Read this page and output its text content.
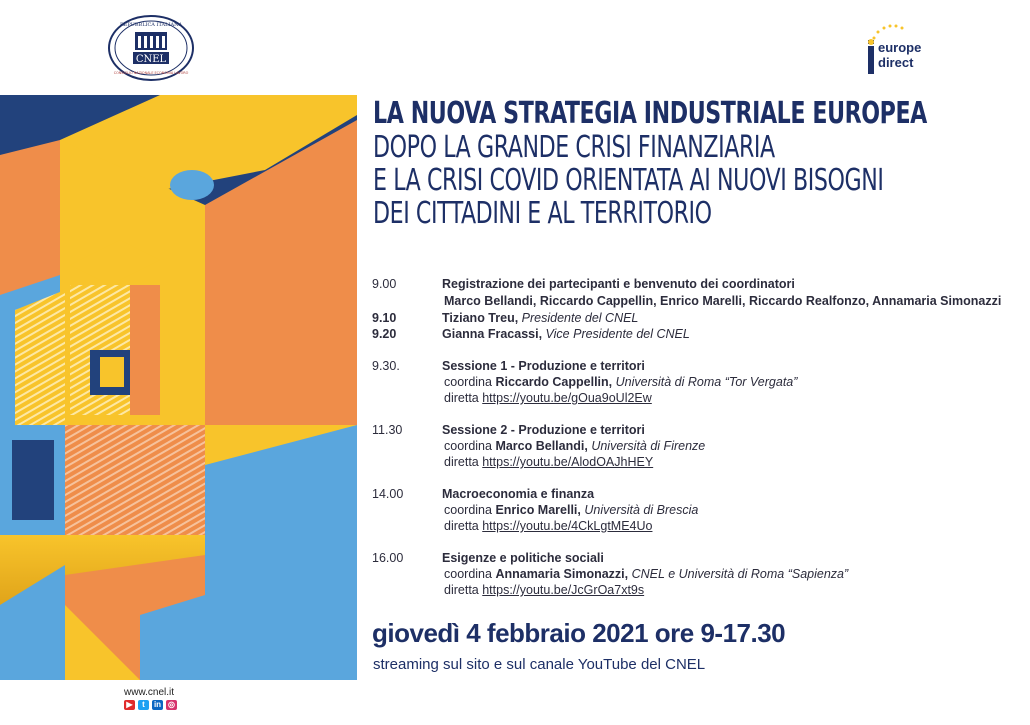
CNEL
REPUBBLICA ITALIANA
CONSIGLIO NAZIONALE ECONOMIA LAVORO
europe
direct
LA NUOVA STRATEGIA INDUSTRIALE EUROPEA
DOPO LA GRANDE CRISI FINANZIARIA
E LA CRISI COVID ORIENTATA AI NUOVI BISOGNI
DEI CITTADINI E AL TERRITORIO
9.00	Registrazione dei partecipanti e benvenuto dei coordinatori
Marco Bellandi, Riccardo Cappellin, Enrico Marelli, Riccardo Realfonzo, Annamaria Simonazzi
9.10	Tiziano Treu, Presidente del CNEL
9.20	Gianna Fracassi, Vice Presidente del CNEL
9.30.	Sessione 1 - Produzione e territori
coordina Riccardo Cappellin, Università di Roma “Tor Vergata”
diretta https://youtu.be/gOua9oUl2Ew
11.30	Sessione 2 - Produzione e territori
coordina Marco Bellandi, Università di Firenze
diretta https://youtu.be/AlodOAJhHEY
14.00	Macroeconomia e finanza
coordina Enrico Marelli, Università di Brescia
diretta https://youtu.be/4CkLgtME4Uo
16.00	Esigenze e politiche sociali
coordina Annamaria Simonazzi, CNEL e Università di Roma “Sapienza”
diretta https://youtu.be/JcGrOa7xt9s
giovedì 4 febbraio 2021 ore 9-17.30
streaming sul sito e sul canale YouTube del CNEL
www.cnel.it
▶	t	in ◎
